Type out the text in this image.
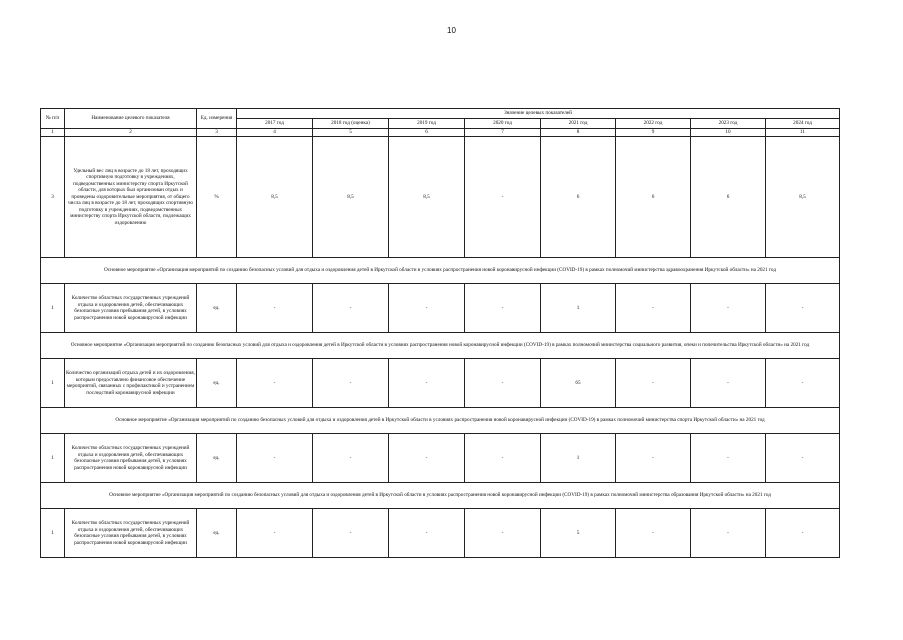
10
№ п/п	Наименование целевого показателя	Ед. измерения	Значение целевых показателей							
			2017 год	2018 год (оценка)	2019 год	2020 год	2021 год	2022 год	2023 год	2024 год
1	2	3	4	5	6	7	8	9	10	11
3	Удельный вес лиц в возрасте до 18 лет, проходящих спортивную подготовку в учреждениях, подведомственных министерству спорта Иркутской области, для которых был организован отдых и проведены оздоровительные мероприятия, от общего числа лиц в возрасте до 18 лет, проходящих спортивную подготовку в учреждениях, подведомственных министерству спорта Иркутской области, подлежащих оздоровлению	%	8,5	8,5	8,5	-	6	6	6	8,5
Основное мероприятие «Организация мероприятий по созданию безопасных условий для отдыха и оздоровления детей в Иркутской области в условиях распространения новой коронавирусной инфекции (COVID-19) в рамках полномочий министерства здравоохранения Иркутской области» на 2021 год										
1	Количество областных государственных учреждений отдыха и оздоровления детей, обеспечивающих безопасные условия пребывания детей, в условиях распространения новой коронавирусной инфекции	ед.	-	-	-	-	1	-	-	-
Основное мероприятие «Организация мероприятий по созданию безопасных условий для отдыха и оздоровления детей в Иркутской области в условиях распространения новой коронавирусной инфекции (COVID-19) в рамках полномочий министерства социального развития, опеки и попечительства Иркутской области» на 2021 год										
1	Количество организаций отдыха детей и их оздоровления, которым предоставлено финансовое обеспечение мероприятий, связанных с профилактикой и устранением последствий коронавирусной инфекции	ед.	-	-	-	-	65	-	-	-
Основное мероприятие «Организация мероприятий по созданию безопасных условий для отдыха и оздоровления детей в Иркутской области в условиях распространения новой коронавирусной инфекции (COVID-19) в рамках полномочий министерства спорта Иркутской области» на 2021 год										
1	Количество областных государственных учреждений отдыха и оздоровления детей, обеспечивающих безопасные условия пребывания детей, в условиях распространения новой коронавирусной инфекции	ед.	-	-	-	-	1	-	-	-
Основное мероприятие «Организация мероприятий по созданию безопасных условий для отдыха и оздоровления детей в Иркутской области в условиях распространения новой коронавирусной инфекции (COVID-19) в рамках полномочий министерства образования Иркутской области» на 2021 год										
1	Количество областных государственных учреждений отдыха и оздоровления детей, обеспечивающих безопасные условия пребывания детей, в условиях распространения новой коронавирусной инфекции	ед.	-	-	-	-	5	-	-	-
